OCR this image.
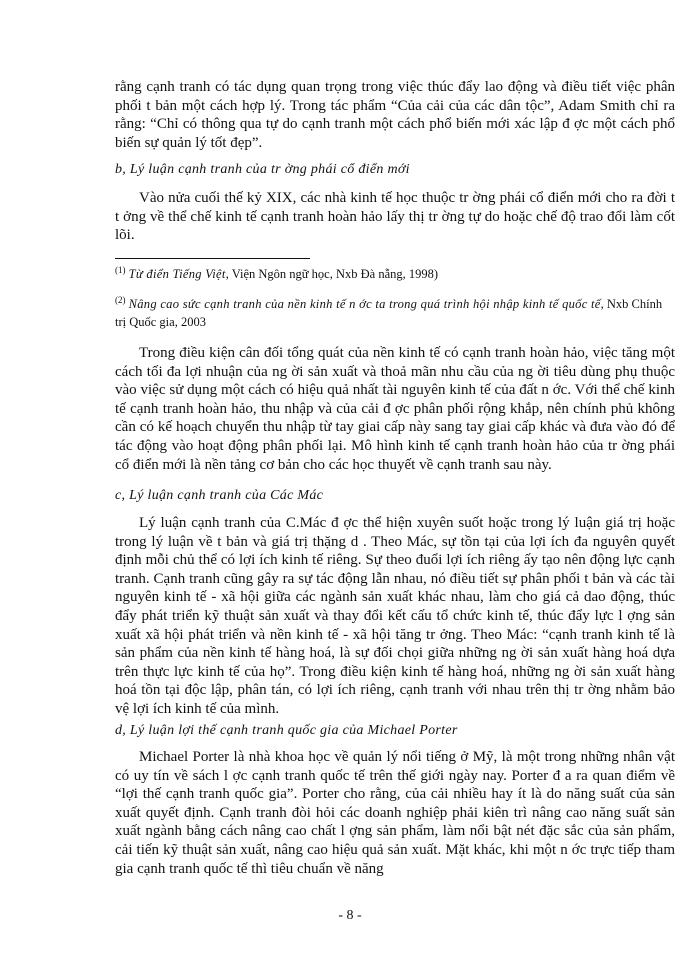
rằng cạnh tranh có tác dụng quan trọng trong việc thúc đẩy lao động và điều tiết việc phân phối t bản một cách hợp lý. Trong tác phẩm “Của cải của các dân tộc”, Adam Smith chỉ ra rằng: “Chỉ có thông qua tự do cạnh tranh một cách phổ biến mới xác lập đ ợc một cách phổ biến sự quản lý tốt đẹp”.

b, Lý luận cạnh tranh của tr ờng phái cổ điển mới

Vào nửa cuối thế kỷ XIX, các nhà kinh tế học thuộc tr ờng phái cổ điển mới cho ra đời t t ởng về thể chế kinh tế cạnh tranh hoàn hảo lấy thị tr ờng tự do hoặc chế độ trao đổi làm cốt lõi.

$^{(1)}$ Từ điển Tiếng Việt, Viện Ngôn ngữ học, Nxb Đà nẵng, 1998)

$^{(2)}$ Nâng cao sức cạnh tranh của nền kinh tế n ớc ta trong quá trình hội nhập kinh tế quốc tế, Nxb Chính trị Quốc gia, 2003

Trong điều kiện cân đối tổng quát của nền kinh tế có cạnh tranh hoàn hảo, việc tăng một cách tối đa lợi nhuận của ng ời sản xuất và thoả mãn nhu cầu của ng ời tiêu dùng phụ thuộc vào việc sử dụng một cách có hiệu quả nhất tài nguyên kinh tế của đất n ớc. Với thể chế kinh tế cạnh tranh hoàn hảo, thu nhập và của cải đ ợc phân phối rộng khắp, nên chính phủ không cần có kế hoạch chuyển thu nhập từ tay giai cấp này sang tay giai cấp khác và đưa vào đó để tác động vào hoạt động phân phối lại. Mô hình kinh tế cạnh tranh hoàn hảo của tr ờng phái cổ điển mới là nền tảng cơ bản cho các học thuyết về cạnh tranh sau này.

c, Lý luận cạnh tranh của Các Mác

Lý luận cạnh tranh của C.Mác đ ợc thể hiện xuyên suốt hoặc trong lý luận giá trị hoặc trong lý luận về t bản và giá trị thặng d . Theo Mác, sự tồn tại của lợi ích đa nguyên quyết định mỗi chủ thể có lợi ích kinh tế riêng. Sự theo đuổi lợi ích riêng ấy tạo nên động lực cạnh tranh. Cạnh tranh cũng gây ra sự tác động lẫn nhau, nó điều tiết sự phân phối t bản và các tài nguyên kinh tế - xã hội giữa các ngành sản xuất khác nhau, làm cho giá cả dao động, thúc đẩy phát triển kỹ thuật sản xuất và thay đổi kết cấu tổ chức kinh tế, thúc đẩy lực l ợng sản xuất xã hội phát triển và nền kinh tế - xã hội tăng tr ởng. Theo Mác: “cạnh tranh kinh tế là sản phẩm của nền kinh tế hàng hoá, là sự đối chọi giữa những ng ời sản xuất hàng hoá dựa trên thực lực kinh tế của họ”. Trong điều kiện kinh tế hàng hoá, những ng ời sản xuất hàng hoá tồn tại độc lập, phân tán, có lợi ích riêng, cạnh tranh với nhau trên thị tr ờng nhằm bảo vệ lợi ích kinh tế của mình.

d, Lý luận lợi thế cạnh tranh quốc gia của Michael Porter

Michael Porter là nhà khoa học về quản lý nổi tiếng ở Mỹ, là một trong những nhân vật có uy tín về sách l ợc cạnh tranh quốc tế trên thế giới ngày nay. Porter đ a ra quan điểm về “lợi thế cạnh tranh quốc gia”. Porter cho rằng, của cải nhiều hay ít là do năng suất của sản xuất quyết định. Cạnh tranh đòi hỏi các doanh nghiệp phải kiên trì nâng cao năng suất sản xuất ngành bằng cách nâng cao chất l ợng sản phẩm, làm nổi bật nét đặc sắc của sản phẩm, cải tiến kỹ thuật sản xuất, nâng cao hiệu quả sản xuất. Mặt khác, khi một n ớc trực tiếp tham gia cạnh tranh quốc tế thì tiêu chuẩn về năng

- 8 -
